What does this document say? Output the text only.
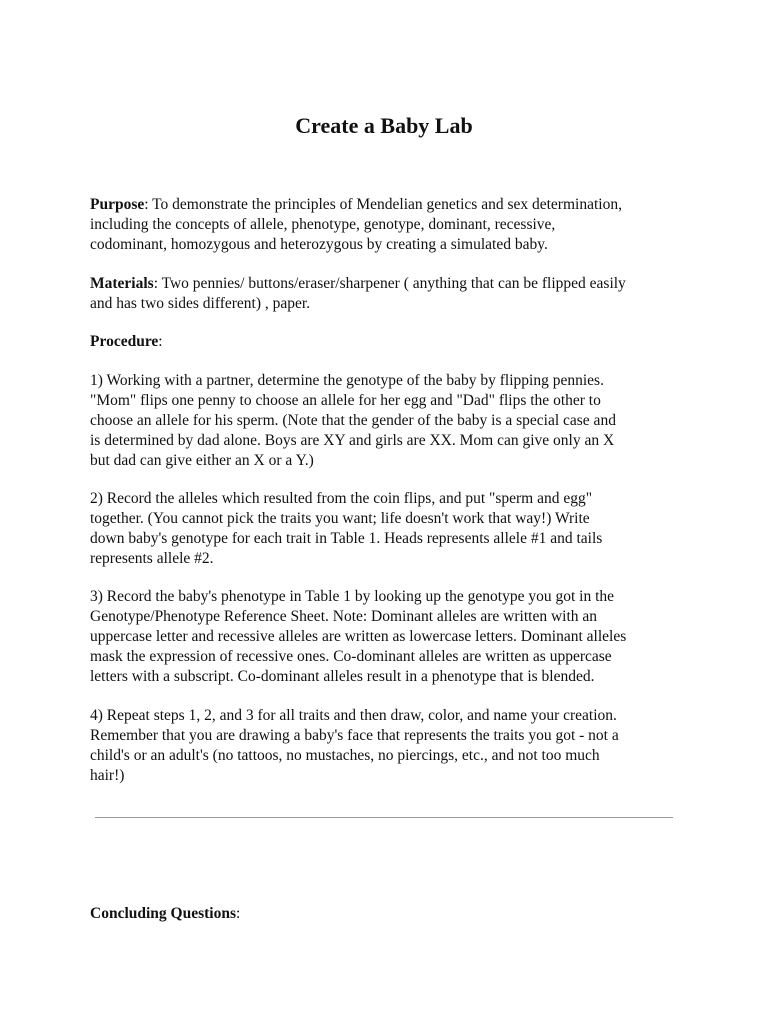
Create a Baby Lab

Purpose: To demonstrate the principles of Mendelian genetics and sex determination,
including the concepts of allele, phenotype, genotype, dominant, recessive,
codominant, homozygous and heterozygous by creating a simulated baby.

Materials: Two pennies/ buttons/eraser/sharpener ( anything that can be flipped easily
and has two sides different) , paper.

Procedure:

1) Working with a partner, determine the genotype of the baby by flipping pennies.
"Mom" flips one penny to choose an allele for her egg and "Dad" flips the other to
choose an allele for his sperm. (Note that the gender of the baby is a special case and
is determined by dad alone. Boys are XY and girls are XX. Mom can give only an X
but dad can give either an X or a Y.)

2) Record the alleles which resulted from the coin flips, and put "sperm and egg"
together. (You cannot pick the traits you want; life doesn't work that way!) Write
down baby's genotype for each trait in Table 1. Heads represents allele #1 and tails
represents allele #2.

3) Record the baby's phenotype in Table 1 by looking up the genotype you got in the
Genotype/Phenotype Reference Sheet. Note: Dominant alleles are written with an
uppercase letter and recessive alleles are written as lowercase letters. Dominant alleles
mask the expression of recessive ones. Co-dominant alleles are written as uppercase
letters with a subscript. Co-dominant alleles result in a phenotype that is blended.

4) Repeat steps 1, 2, and 3 for all traits and then draw, color, and name your creation.
Remember that you are drawing a baby's face that represents the traits you got - not a
child's or an adult's (no tattoos, no mustaches, no piercings, etc., and not too much
hair!)

Concluding Questions:
